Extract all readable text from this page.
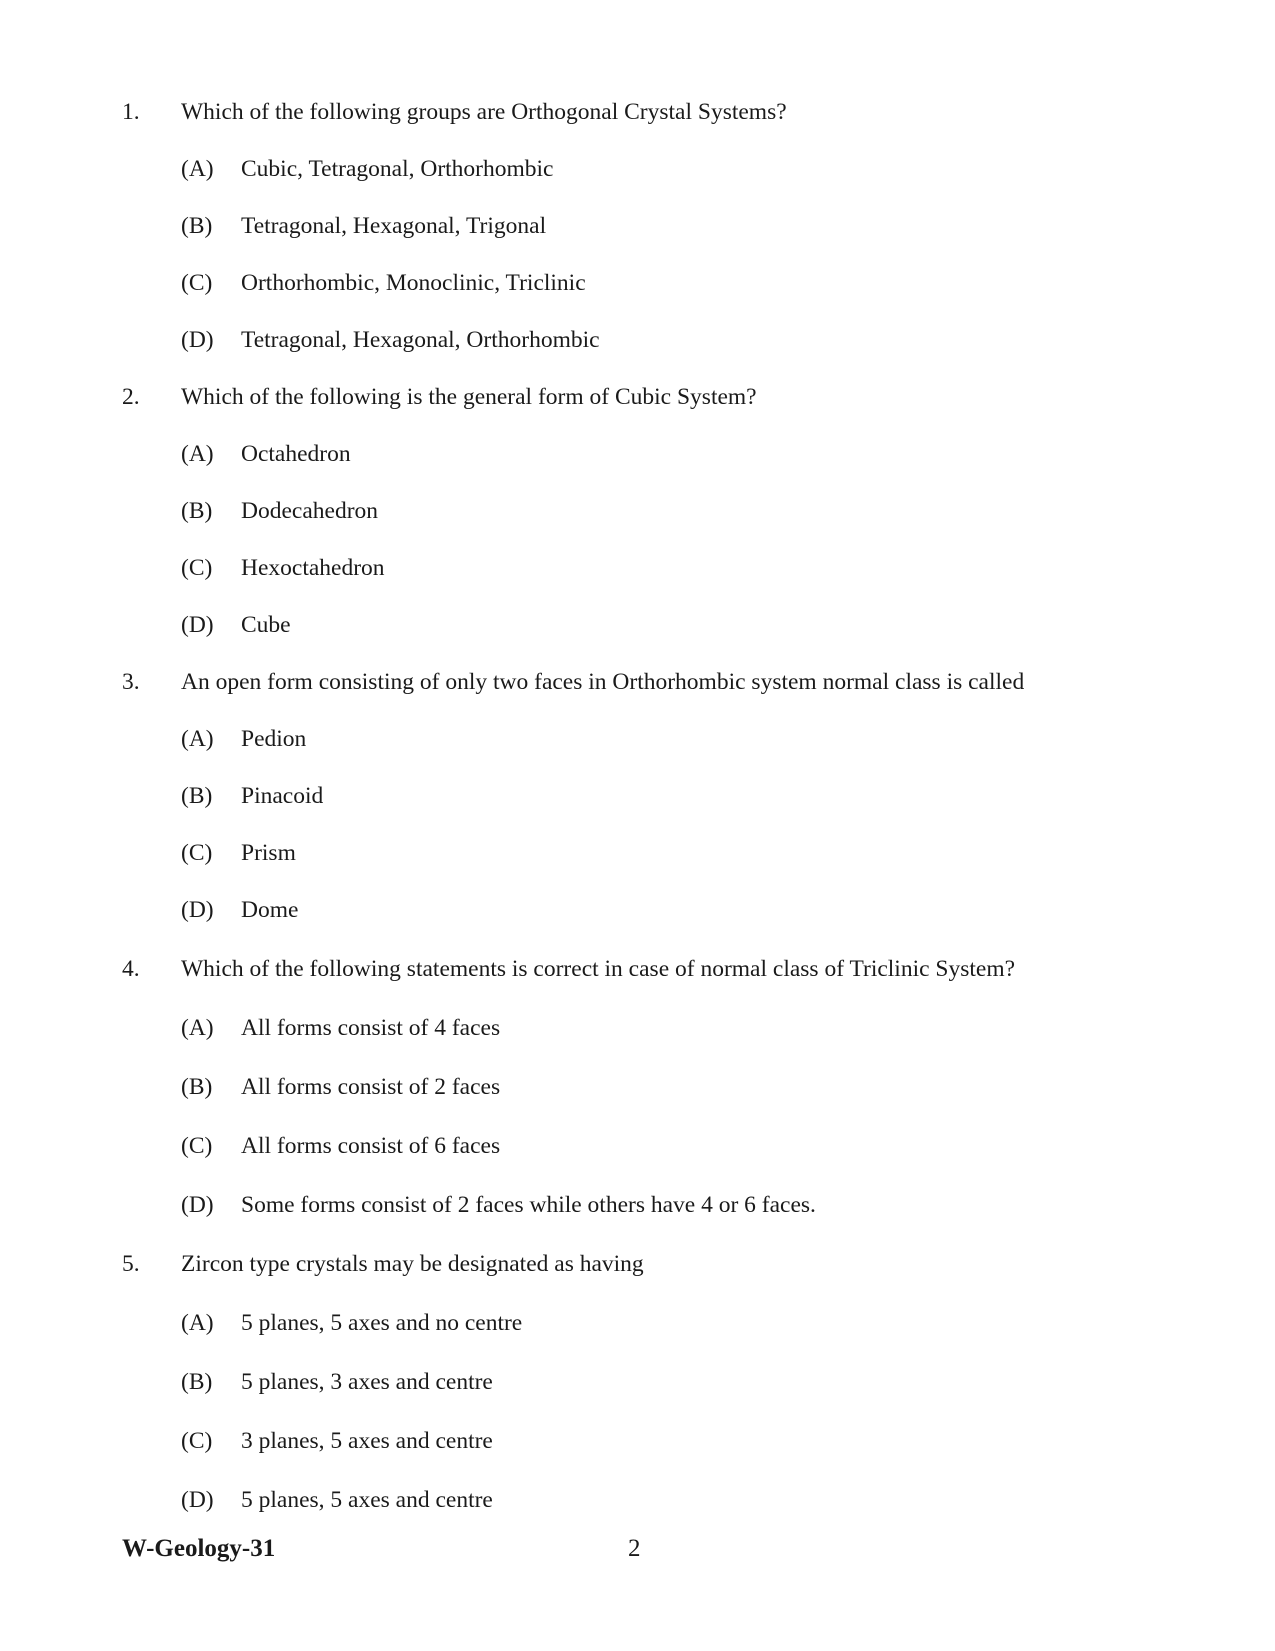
1. Which of the following groups are Orthogonal Crystal Systems?
(A) Cubic, Tetragonal, Orthorhombic
(B) Tetragonal, Hexagonal, Trigonal
(C) Orthorhombic, Monoclinic, Triclinic
(D) Tetragonal, Hexagonal, Orthorhombic
2. Which of the following is the general form of Cubic System?
(A) Octahedron
(B) Dodecahedron
(C) Hexoctahedron
(D) Cube
3. An open form consisting of only two faces in Orthorhombic system normal class is called
(A) Pedion
(B) Pinacoid
(C) Prism
(D) Dome
4. Which of the following statements is correct in case of normal class of Triclinic System?
(A) All forms consist of 4 faces
(B) All forms consist of 2 faces
(C) All forms consist of 6 faces
(D) Some forms consist of 2 faces while others have 4 or 6 faces.
5. Zircon type crystals may be designated as having
(A) 5 planes, 5 axes and no centre
(B) 5 planes, 3 axes and centre
(C) 3 planes, 5 axes and centre
(D) 5 planes, 5 axes and centre
W-Geology-31	2
